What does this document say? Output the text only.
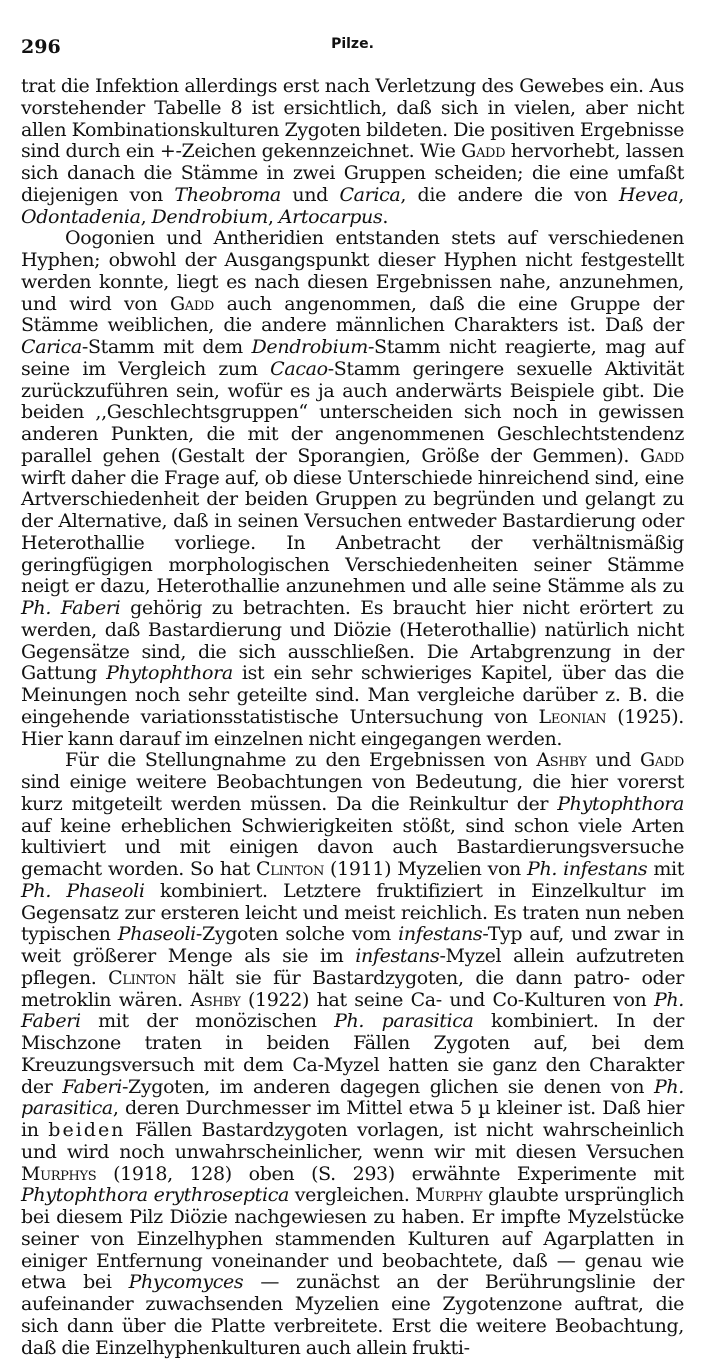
296	Pilze.

trat die Infektion allerdings erst nach Verletzung des Gewebes ein. Aus vorstehender Tabelle 8 ist ersichtlich, daß sich in vielen, aber nicht allen Kombinationskulturen Zygoten bildeten. Die positiven Ergebnisse sind durch ein +-Zeichen gekennzeichnet. Wie Gadd hervorhebt, lassen sich danach die Stämme in zwei Gruppen scheiden; die eine umfaßt diejenigen von Theobroma und Carica, die andere die von Hevea, Odontadenia, Dendrobium, Artocarpus.

Oogonien und Antheridien entstanden stets auf verschiedenen Hyphen; obwohl der Ausgangspunkt dieser Hyphen nicht festgestellt werden konnte, liegt es nach diesen Ergebnissen nahe, anzunehmen, und wird von Gadd auch angenommen, daß die eine Gruppe der Stämme weiblichen, die andere männlichen Charakters ist. Daß der Carica-Stamm mit dem Dendrobium-Stamm nicht reagierte, mag auf seine im Vergleich zum Cacao-Stamm geringere sexuelle Aktivität zurückzuführen sein, wofür es ja auch anderwärts Beispiele gibt. Die beiden ,,Geschlechtsgruppen“ unterscheiden sich noch in gewissen anderen Punkten, die mit der angenommenen Geschlechtstendenz parallel gehen (Gestalt der Sporangien, Größe der Gemmen). Gadd wirft daher die Frage auf, ob diese Unterschiede hinreichend sind, eine Artverschiedenheit der beiden Gruppen zu begründen und gelangt zu der Alternative, daß in seinen Versuchen entweder Bastardierung oder Heterothallie vorliege. In Anbetracht der verhältnismäßig geringfügigen morphologischen Verschiedenheiten seiner Stämme neigt er dazu, Heterothallie anzunehmen und alle seine Stämme als zu Ph. Faberi gehörig zu betrachten. Es braucht hier nicht erörtert zu werden, daß Bastardierung und Diözie (Heterothallie) natürlich nicht Gegensätze sind, die sich ausschließen. Die Artabgrenzung in der Gattung Phytophthora ist ein sehr schwieriges Kapitel, über das die Meinungen noch sehr geteilte sind. Man vergleiche darüber z. B. die eingehende variationsstatistische Untersuchung von Leonian (1925). Hier kann darauf im einzelnen nicht eingegangen werden.

Für die Stellungnahme zu den Ergebnissen von Ashby und Gadd sind einige weitere Beobachtungen von Bedeutung, die hier vorerst kurz mitgeteilt werden müssen. Da die Reinkultur der Phytophthora auf keine erheblichen Schwierigkeiten stößt, sind schon viele Arten kultiviert und mit einigen davon auch Bastardierungsversuche gemacht worden. So hat Clinton (1911) Myzelien von Ph. infestans mit Ph. Phaseoli kombiniert. Letztere fruktifiziert in Einzelkultur im Gegensatz zur ersteren leicht und meist reichlich. Es traten nun neben typischen Phaseoli-Zygoten solche vom infestans-Typ auf, und zwar in weit größerer Menge als sie im infestans-Myzel allein aufzutreten pflegen. Clinton hält sie für Bastardzygoten, die dann patro- oder metroklin wären. Ashby (1922) hat seine Ca- und Co-Kulturen von Ph. Faberi mit der monözischen Ph. parasitica kombiniert. In der Mischzone traten in beiden Fällen Zygoten auf, bei dem Kreuzungsversuch mit dem Ca-Myzel hatten sie ganz den Charakter der Faberi-Zygoten, im anderen dagegen glichen sie denen von Ph. parasitica, deren Durchmesser im Mittel etwa 5 µ kleiner ist. Daß hier in beiden Fällen Bastardzygoten vorlagen, ist nicht wahrscheinlich und wird noch unwahrscheinlicher, wenn wir mit diesen Versuchen Murphys (1918, 128) oben (S. 293) erwähnte Experimente mit Phytophthora erythroseptica vergleichen. Murphy glaubte ursprünglich bei diesem Pilz Diözie nachgewiesen zu haben. Er impfte Myzelstücke seiner von Einzelhyphen stammenden Kulturen auf Agarplatten in einiger Entfernung voneinander und beobachtete, daß — genau wie etwa bei Phycomyces — zunächst an der Berührungslinie der aufeinander zuwachsenden Myzelien eine Zygotenzone auftrat, die sich dann über die Platte verbreitete. Erst die weitere Beobachtung, daß die Einzelhyphenkulturen auch allein frukti-
